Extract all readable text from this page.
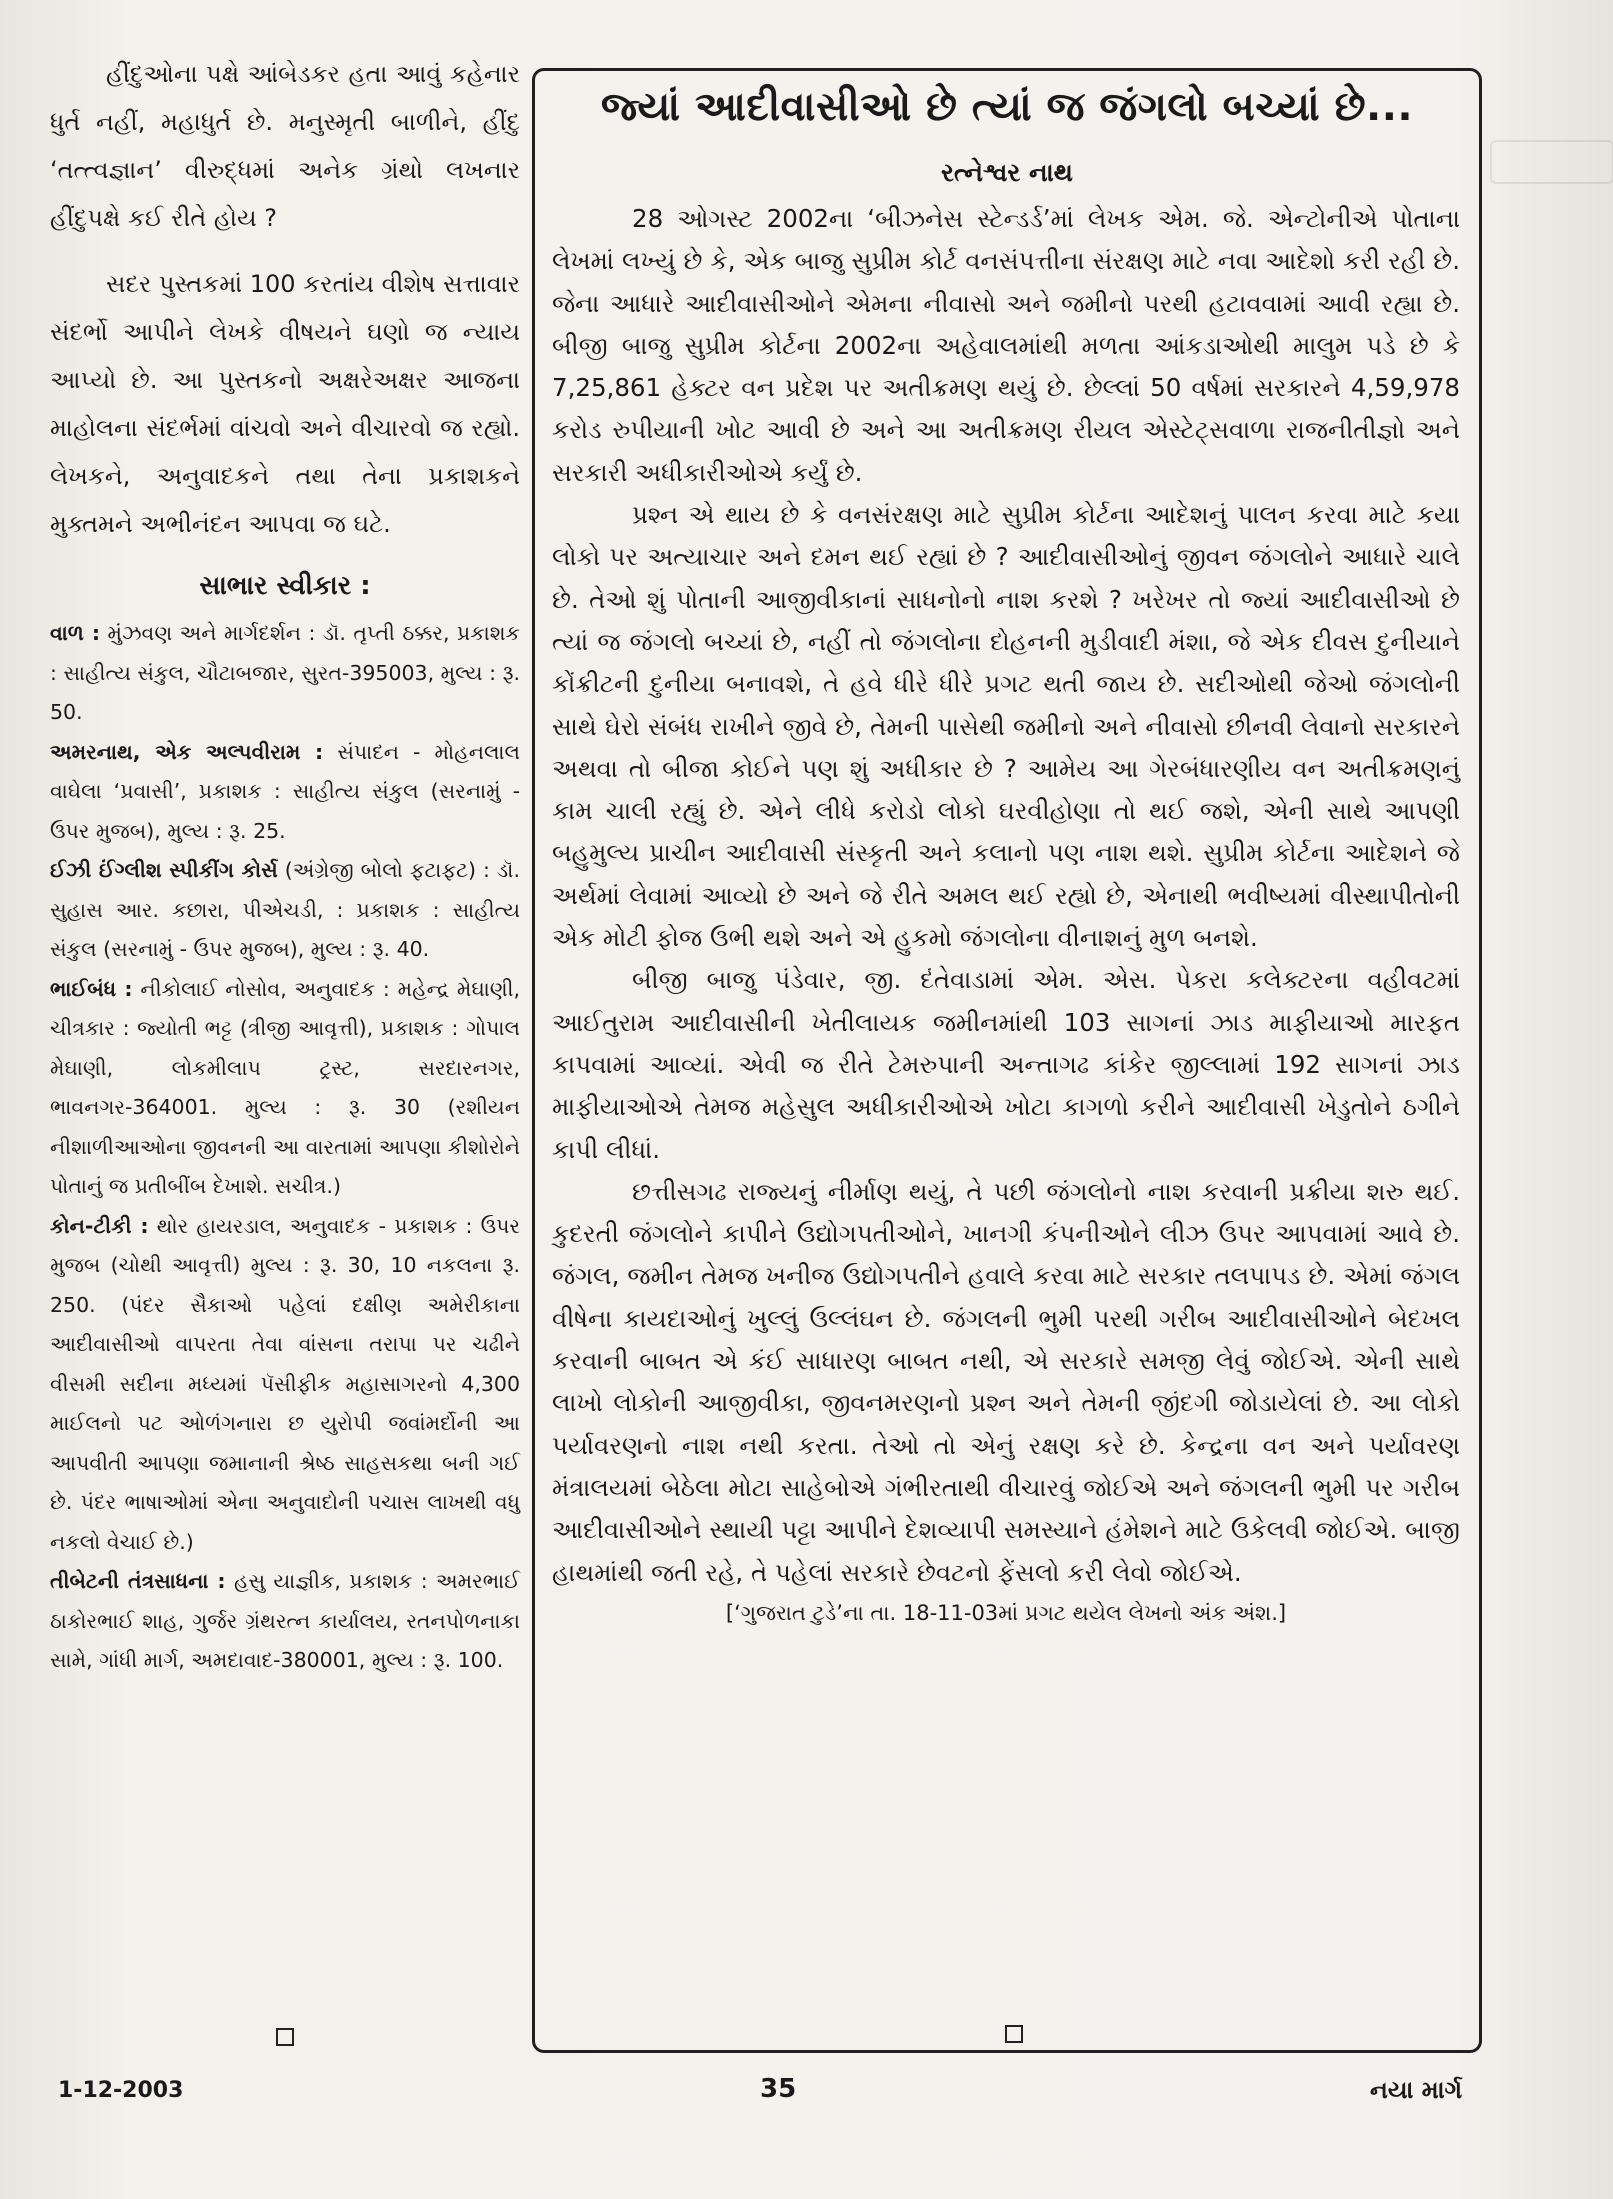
હીંદુઓના પક્ષે આંબેડકર હતા આવું કહેનાર ધુર્ત નહીં, મહાધુર્ત છે. મનુસ્મૃતી બાળીને, હીંદુ ‘તત્ત્વજ્ઞાન’ વીરુદ્ધમાં અનેક ગ્રંથો લખનાર હીંદુપક્ષે કઈ રીતે હોય ?

સદર પુસ્તકમાં 100 કરતાંય વીશેષ સત્તાવાર સંદર્ભો આપીને લેખકે વીષયને ઘણો જ ન્યાય આપ્યો છે. આ પુસ્તકનો અક્ષરેઅક્ષર આજના માહોલના સંદર્ભમાં વાંચવો અને વીચારવો જ રહ્યો. લેખકને, અનુવાદકને તથા તેના પ્રકાશકને મુક્તમને અભીનંદન આપવા જ ઘટે.

સાભાર સ્વીકાર :

વાળ : મુંઝવણ અને માર્ગદર્શન : ડૉ. તૃપ્તી ઠક્કર, પ્રકાશક : સાહીત્ય સંકુલ, ચૌટાબજાર, સુરત-395003, મુલ્ય : રૂ. 50.

અમરનાથ, એક અલ્પવીરામ : સંપાદન - મોહનલાલ વાઘેલા ‘પ્રવાસી’, પ્રકાશક : સાહીત્ય સંકુલ (સરનામું - ઉપર મુજબ), મુલ્ય : રૂ. 25.

ઈઝી ઈંગ્લીશ સ્પીકીંગ કોર્સ (અંગ્રેજી બોલો ફટાફટ) : ડૉ. સુહાસ આર. કછારા, પીએચડી, : પ્રકાશક : સાહીત્ય સંકુલ (સરનામું - ઉપર મુજબ), મુલ્ય : રૂ. 40.

ભાઈબંધ : નીકોલાઈ નોસોવ, અનુવાદક : મહેન્દ્ર મેઘાણી, ચીત્રકાર : જ્યોતી ભટ્ટ (ત્રીજી આવૃત્તી), પ્રકાશક : ગોપાલ મેઘાણી, લોકમીલાપ ટ્રસ્ટ, સરદારનગર, ભાવનગર-364001. મુલ્ય : રૂ. 30 (રશીયન નીશાળીઆઓના જીવનની આ વારતામાં આપણા કીશોરોને પોતાનું જ પ્રતીબીંબ દેખાશે. સચીત્ર.)

કોન-ટીકી : થોર હાયરડાલ, અનુવાદક - પ્રકાશક : ઉપર મુજબ (ચોથી આવૃત્તી) મુલ્ય : રૂ. 30, 10 નકલના રૂ. 250. (પંદર સૈકાઓ પહેલાં દક્ષીણ અમેરીકાના આદીવાસીઓ વાપરતા તેવા વાંસના તરાપા પર ચઢીને વીસમી સદીના મધ્યમાં પૅસીફીક મહાસાગરનો 4,300 માઈલનો પટ ઓળંગનારા છ યુરોપી જવાંમર્દોની આ આપવીતી આપણા જમાનાની શ્રેષ્ઠ સાહસકથા બની ગઈ છે. પંદર ભાષાઓમાં એના અનુવાદોની પચાસ લાખથી વધુ નકલો વેચાઈ છે.)

તીબેટની તંત્રસાધના : હસુ યાજ્ઞીક, પ્રકાશક : અમરભાઈ ઠાકોરભાઈ શાહ, ગુર્જર ગ્રંથરત્ન કાર્યાલય, રતનપોળનાકા સામે, ગાંધી માર્ગ, અમદાવાદ-380001, મુલ્ય : રૂ. 100.

જ્યાં આદીવાસીઓ છે ત્યાં જ જંગલો બચ્યાં છે...
રત્નેશ્વર નાથ

28 ઓગસ્ટ 2002ના ‘બીઝનેસ સ્ટેન્ડર્ડ’માં લેખક એમ. જે. એન્ટોનીએ પોતાના લેખમાં લખ્યું છે કે, એક બાજુ સુપ્રીમ કોર્ટ વનસંપત્તીના સંરક્ષણ માટે નવા આદેશો કરી રહી છે. જેના આધારે આદીવાસીઓને એમના નીવાસો અને જમીનો પરથી હટાવવામાં આવી રહ્યા છે. બીજી બાજુ સુપ્રીમ કોર્ટના 2002ના અહેવાલમાંથી મળતા આંકડાઓથી માલુમ પડે છે કે 7,25,861 હેક્ટર વન પ્રદેશ પર અતીક્રમણ થયું છે. છેલ્લાં 50 વર્ષમાં સરકારને 4,59,978 કરોડ રુપીયાની ખોટ આવી છે અને આ અતીક્રમણ રીયલ એસ્ટેટ્સવાળા રાજનીતીજ્ઞો અને સરકારી અધીકારીઓએ કર્યું છે.

પ્રશ્ન એ થાય છે કે વનસંરક્ષણ માટે સુપ્રીમ કોર્ટના આદેશનું પાલન કરવા માટે કયા લોકો પર અત્યાચાર અને દમન થઈ રહ્યાં છે ? આદીવાસીઓનું જીવન જંગલોને આધારે ચાલે છે. તેઓ શું પોતાની આજીવીકાનાં સાધનોનો નાશ કરશે ? ખરેખર તો જ્યાં આદીવાસીઓ છે ત્યાં જ જંગલો બચ્યાં છે, નહીં તો જંગલોના દોહનની મુડીવાદી મંશા, જે એક દીવસ દુનીયાને કોંક્રીટની દુનીયા બનાવશે, તે હવે ધીરે ધીરે પ્રગટ થતી જાય છે. સદીઓથી જેઓ જંગલોની સાથે ઘેરો સંબંધ રાખીને જીવે છે, તેમની પાસેથી જમીનો અને નીવાસો છીનવી લેવાનો સરકારને અથવા તો બીજા કોઈને પણ શું અધીકાર છે ? આમેય આ ગેરબંધારણીય વન અતીક્રમણનું કામ ચાલી રહ્યું છે. એને લીધે કરોડો લોકો ઘરવીહોણા તો થઈ જશે, એની સાથે આપણી બહુમુલ્ય પ્રાચીન આદીવાસી સંસ્કૃતી અને કલાનો પણ નાશ થશે. સુપ્રીમ કોર્ટના આદેશને જે અર્થમાં લેવામાં આવ્યો છે અને જે રીતે અમલ થઈ રહ્યો છે, એનાથી ભવીષ્યમાં વીસ્થાપીતોની એક મોટી ફોજ ઉભી થશે અને એ હુકમો જંગલોના વીનાશનું મુળ બનશે.

બીજી બાજુ પંડેવાર, જી. દંતેવાડામાં એમ. એસ. પેકરા કલેક્ટરના વહીવટમાં આઈતુરામ આદીવાસીની ખેતીલાયક જમીનમાંથી 103 સાગનાં ઝાડ માફીયાઓ મારફત કાપવામાં આવ્યાં. એવી જ રીતે ટેમરુપાની અન્તાગઢ કાંકેર જીલ્લામાં 192 સાગનાં ઝાડ માફીયાઓએ તેમજ મહેસુલ અધીકારીઓએ ખોટા કાગળો કરીને આદીવાસી ખેડુતોને ઠગીને કાપી લીધાં.

છત્તીસગઢ રાજ્યનું નીર્માણ થયું, તે પછી જંગલોનો નાશ કરવાની પ્રક્રીયા શરુ થઈ. કુદરતી જંગલોને કાપીને ઉદ્યોગપતીઓને, ખાનગી કંપનીઓને લીઝ ઉપર આપવામાં આવે છે. જંગલ, જમીન તેમજ ખનીજ ઉદ્યોગપતીને હવાલે કરવા માટે સરકાર તલપાપડ છે. એમાં જંગલ વીષેના કાયદાઓનું ખુલ્લું ઉલ્લંઘન છે. જંગલની ભુમી પરથી ગરીબ આદીવાસીઓને બેદખલ કરવાની બાબત એ કંઈ સાધારણ બાબત નથી, એ સરકારે સમજી લેવું જોઈએ. એની સાથે લાખો લોકોની આજીવીકા, જીવનમરણનો પ્રશ્ન અને તેમની જીંદગી જોડાયેલાં છે. આ લોકો પર્યાવરણનો નાશ નથી કરતા. તેઓ તો એનું રક્ષણ કરે છે. કેન્દ્રના વન અને પર્યાવરણ મંત્રાલયમાં બેઠેલા મોટા સાહેબોએ ગંભીરતાથી વીચારવું જોઈએ અને જંગલની ભુમી પર ગરીબ આદીવાસીઓને સ્થાયી પટ્ટા આપીને દેશવ્યાપી સમસ્યાને હંમેશને માટે ઉકેલવી જોઈએ. બાજી હાથમાંથી જતી રહે, તે પહેલાં સરકારે છેવટનો ફેંસલો કરી લેવો જોઈએ.

[‘ગુજરાત ટુડે’ના તા. 18-11-03માં પ્રગટ થયેલ લેખનો અંક અંશ.]

1-12-2003	35	નયા માર્ગ
